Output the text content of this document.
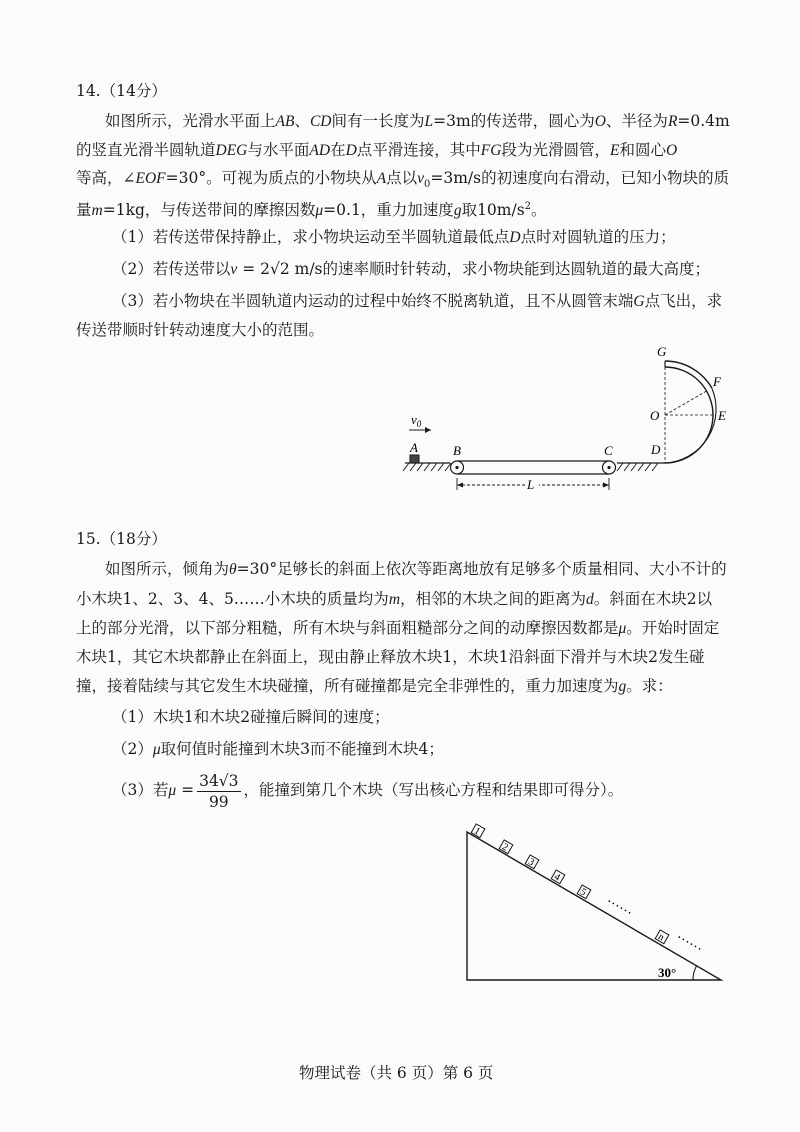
14.（14分）
如图所示，光滑水平面上AB、CD间有一长度为L=3m的传送带，圆心为O、半径为R=0.4m
的竖直光滑半圆轨道DEG与水平面AD在D点平滑连接，其中FG段为光滑圆管，E和圆心O
等高，∠EOF=30°。可视为质点的小物块从A点以$v_0=3m/s$的初速度向右滑动，已知小物块的质
量m=1kg，与传送带间的摩擦因数μ=0.1，重力加速度g取$10m/s^2$。
（1）若传送带保持静止，求小物块运动至半圆轨道最低点D点时对圆轨道的压力；
（2）若传送带以v = 2√2 m/s的速率顺时针转动，求小物块能到达圆轨道的最大高度；
（3）若小物块在半圆轨道内运动的过程中始终不脱离轨道，且不从圆管末端G点飞出，求
传送带顺时针转动速度大小的范围。
A
$v_0$
B	C
L
G
F
O	E
D
15.（18分）
如图所示，倾角为θ=30°足够长的斜面上依次等距离地放有足够多个质量相同、大小不计的
小木块1、2、3、4、5……小木块的质量均为m，相邻的木块之间的距离为d。斜面在木块2以
上的部分光滑，以下部分粗糙，所有木块与斜面粗糙部分之间的动摩擦因数都是μ。开始时固定
木块1，其它木块都静止在斜面上，现由静止释放木块1，木块1沿斜面下滑并与木块2发生碰
撞，接着陆续与其它发生木块碰撞，所有碰撞都是完全非弹性的，重力加速度为g。求：
（1）木块1和木块2碰撞后瞬间的速度；
（2）μ取何值时能撞到木块3而不能撞到木块4；
（3）若$\mu = \frac{34√3}{99}$ ，能撞到第几个木块（写出核心方程和结果即可得分）。
1
2
3
4
5
n
……
……
30°
物理试卷（共 6 页）第 6 页
